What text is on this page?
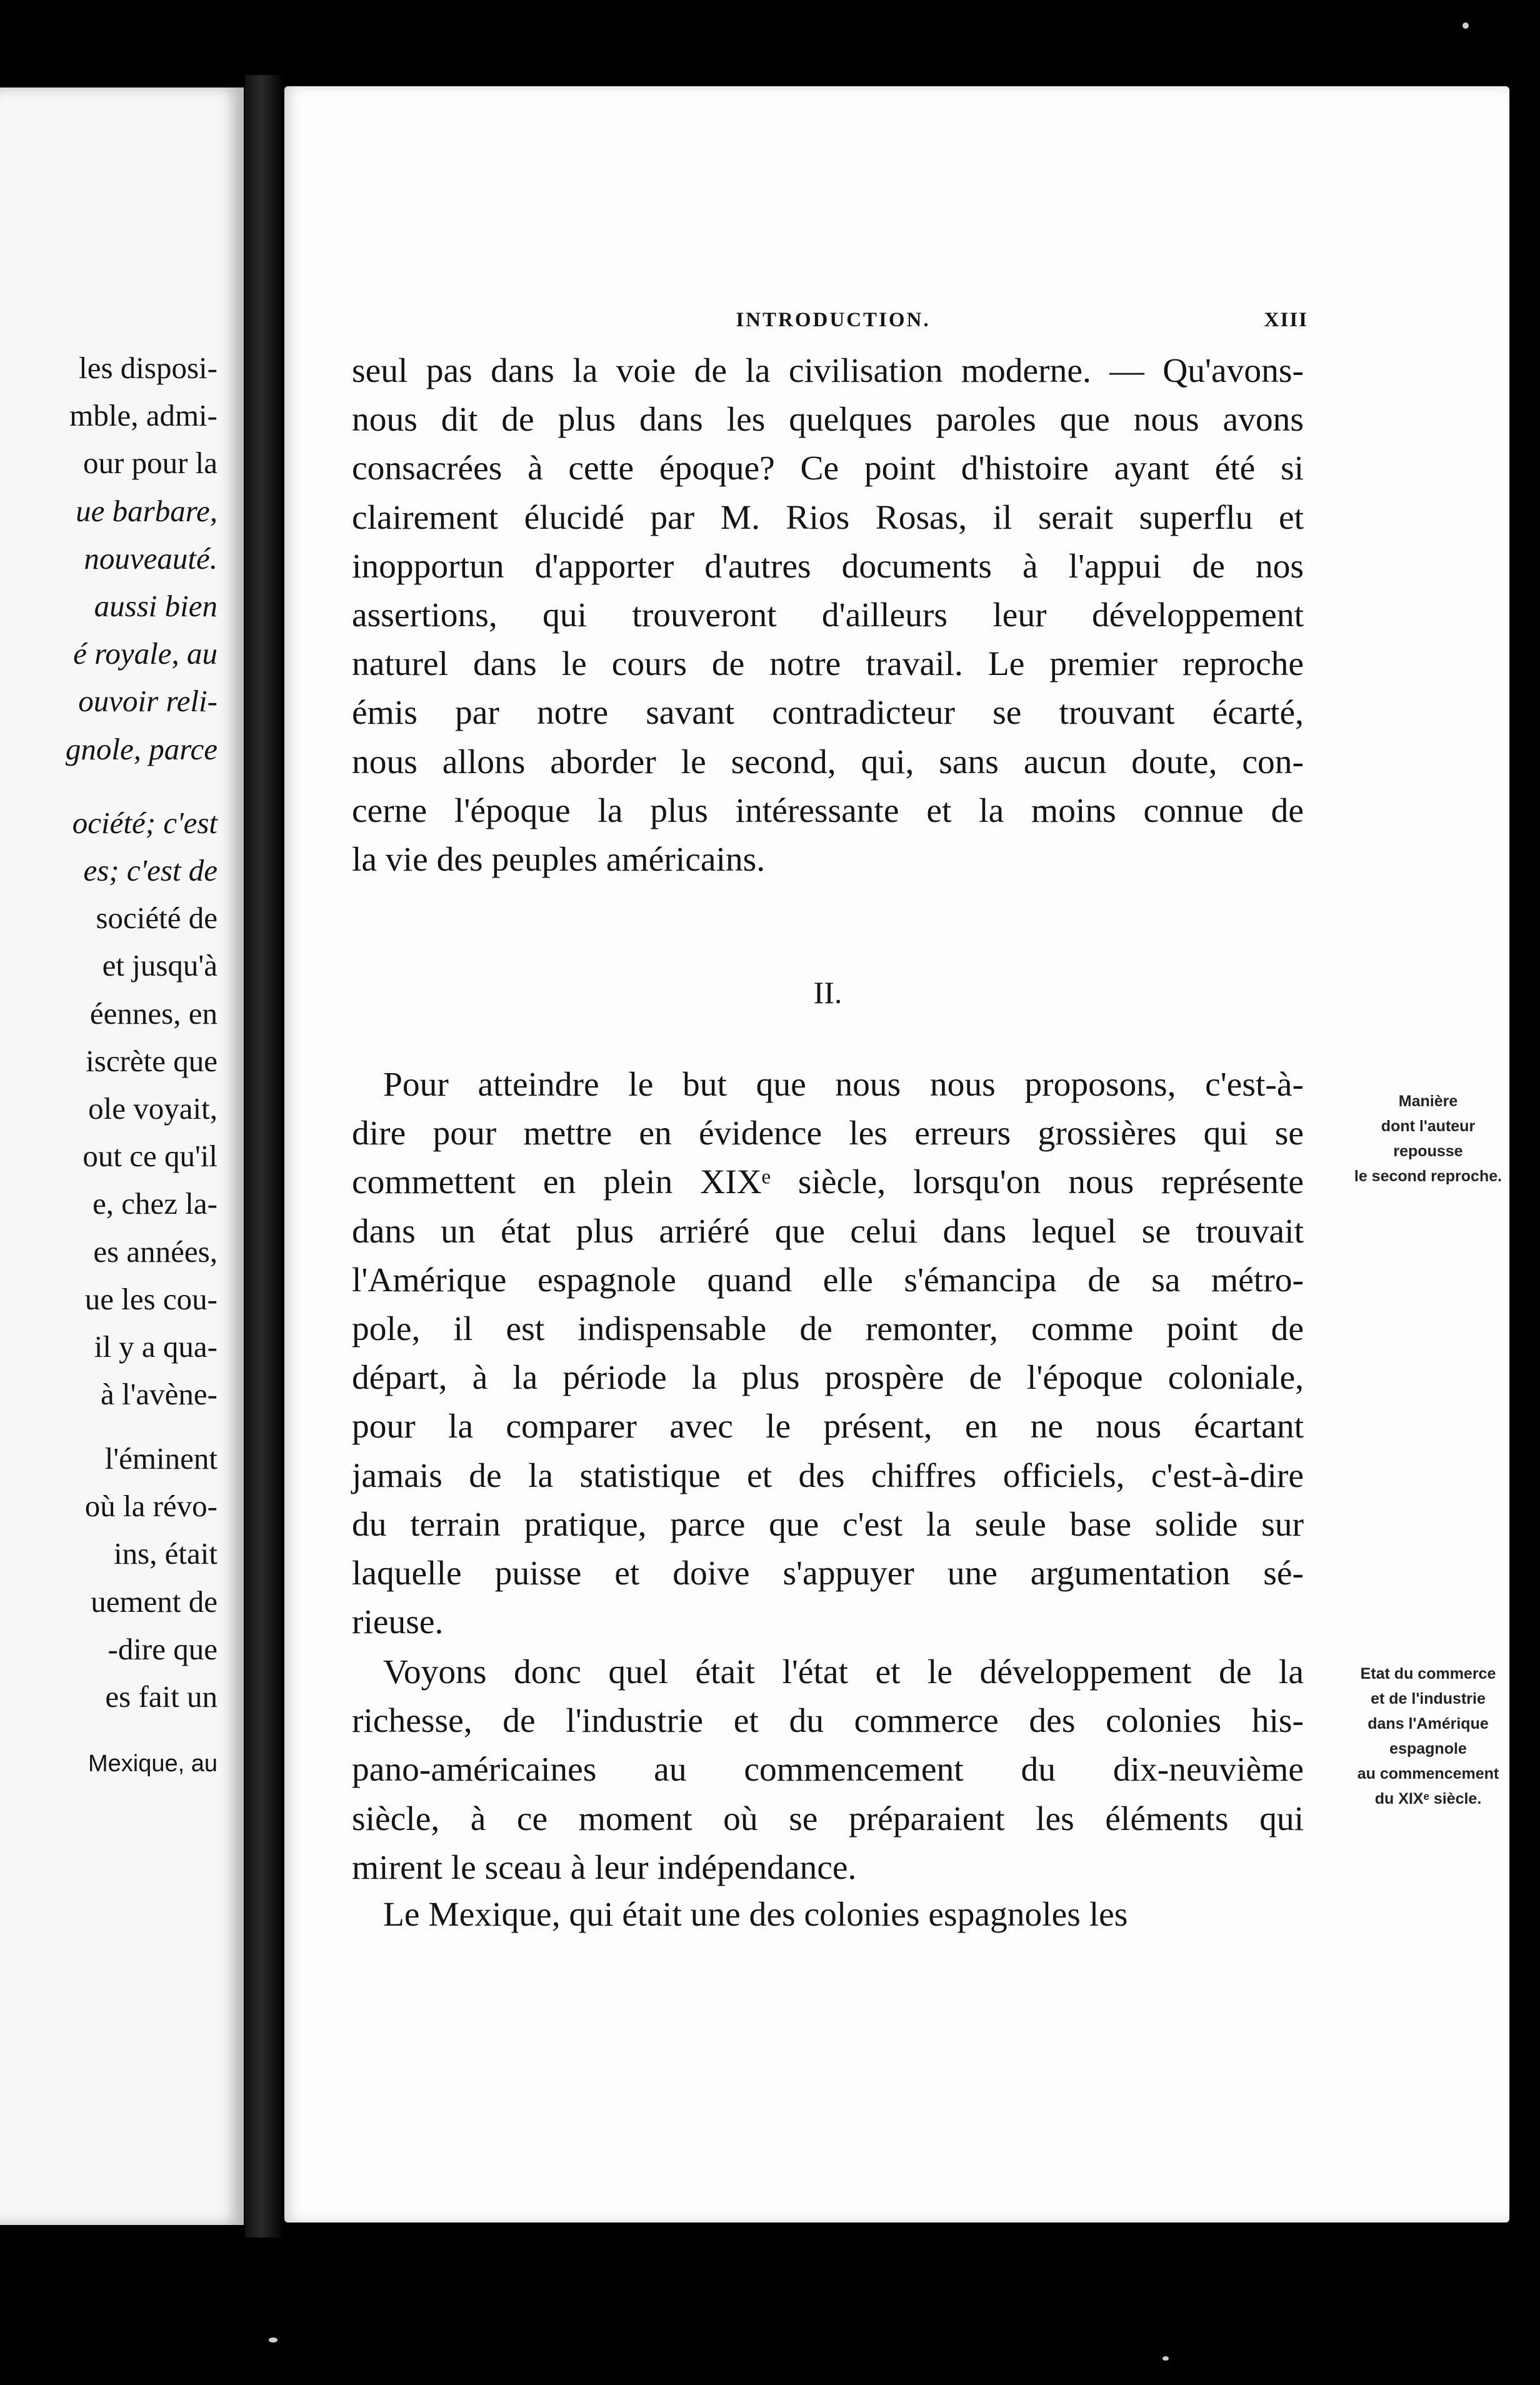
les disposi-
mble, admi-
our pour la
ue barbare,
nouveauté.
aussi bien
é royale, au
ouvoir reli-
gnole, parce
ociété; c'est
es; c'est de
société de
et jusqu'à
éennes, en
iscrète que
ole voyait,
out ce qu'il
e, chez la-
es années,
ue les cou-
il y a qua-
à l'avène-
l'éminent
où la révo-
ins, était
uement de
-dire que
es fait un
Mexique, au
INTRODUCTION.	XIII
seul pas dans la voie de la civilisation moderne. — Qu'avons-
nous dit de plus dans les quelques paroles que nous avons
consacrées à cette époque? Ce point d'histoire ayant été si
clairement élucidé par M. Rios Rosas, il serait superflu et
inopportun d'apporter d'autres documents à l'appui de nos
assertions, qui trouveront d'ailleurs leur développement
naturel dans le cours de notre travail. Le premier reproche
émis par notre savant contradicteur se trouvant écarté,
nous allons aborder le second, qui, sans aucun doute, con-
cerne l'époque la plus intéressante et la moins connue de
la vie des peuples américains.
Pour atteindre le but que nous nous proposons, c'est-à-
dire pour mettre en évidence les erreurs grossières qui se
commettent en plein XIXᵉ siècle, lorsqu'on nous représente
dans un état plus arriéré que celui dans lequel se trouvait
l'Amérique espagnole quand elle s'émancipa de sa métro-
pole, il est indispensable de remonter, comme point de
départ, à la période la plus prospère de l'époque coloniale,
pour la comparer avec le présent, en ne nous écartant
jamais de la statistique et des chiffres officiels, c'est-à-dire
du terrain pratique, parce que c'est la seule base solide sur
laquelle puisse et doive s'appuyer une argumentation sé-
rieuse.
Voyons donc quel était l'état et le développement de la
richesse, de l'industrie et du commerce des colonies his-
pano-américaines au commencement du dix-neuvième
siècle, à ce moment où se préparaient les éléments qui
mirent le sceau à leur indépendance.
Le Mexique, qui était une des colonies espagnoles les
II.
Manière
dont l'auteur
repousse
le second reproche.
Etat du commerce
et de l'industrie
dans l'Amérique
espagnole
au commencement
du XIXᵉ siècle.
